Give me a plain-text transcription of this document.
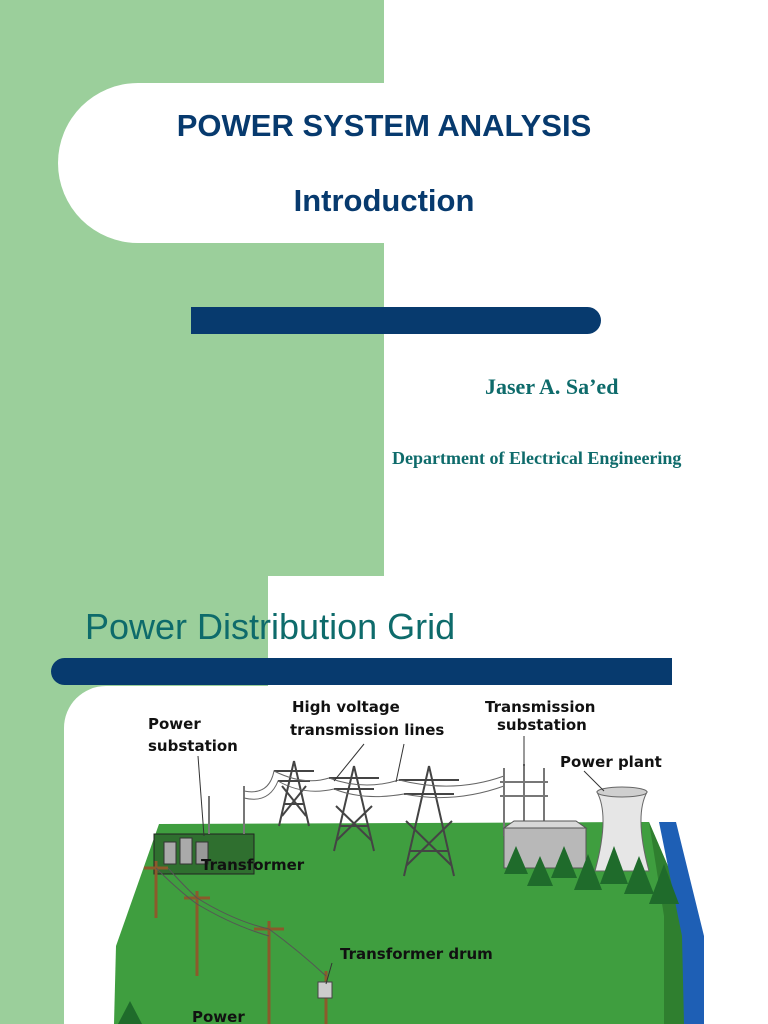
POWER SYSTEM ANALYSIS
Introduction
Jaser A. Sa’ed
Department of Electrical Engineering
Power Distribution Grid
Power
substation
High voltage
transmission lines
Transmission
substation
Power plant
Transformer
Transformer drum
Power
